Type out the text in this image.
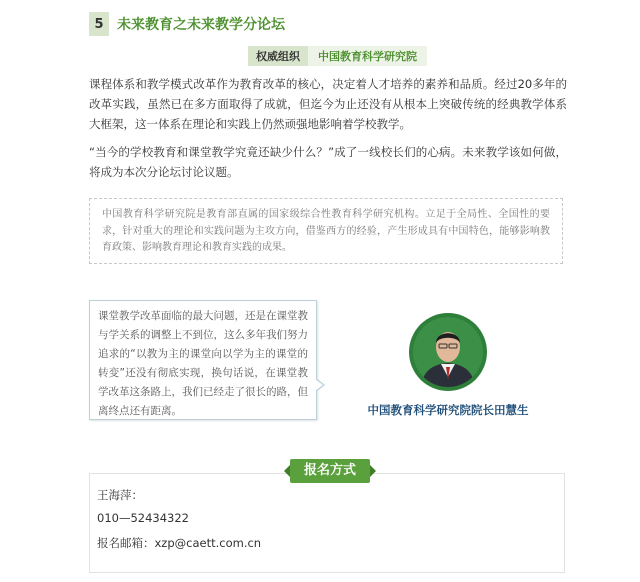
5 未来教育之未来教学分论坛
权威组织	中国教育科学研究院

课程体系和教学模式改革作为教育改革的核心，决定着人才培养的素养和品质。经过20多年的改革实践，虽然已在多方面取得了成就，但迄今为止还没有从根本上突破传统的经典教学体系大框架，这一体系在理论和实践上仍然顽强地影响着学校教学。

“当今的学校教育和课堂教学究竟还缺少什么？”成了一线校长们的心病。未来教学该如何做，将成为本次分论坛讨论议题。

中国教育科学研究院是教育部直属的国家级综合性教育科学研究机构。立足于全局性、全国性的要求，针对重大的理论和实践问题为主攻方向，借鉴西方的经验，产生形成具有中国特色，能够影响教育政策、影响教育理论和教育实践的成果。
课堂教学改革面临的最大问题，还是在课堂教与学关系的调整上不到位，这么多年我们努力追求的“以教为主的课堂向以学为主的课堂的转变”还没有彻底实现，换句话说，在课堂教学改革这条路上，我们已经走了很长的路，但离终点还有距离。	中国教育科学研究院院长田慧生
报名方式
王海萍：
010—52434322
报名邮箱：xzp@caett.com.cn
